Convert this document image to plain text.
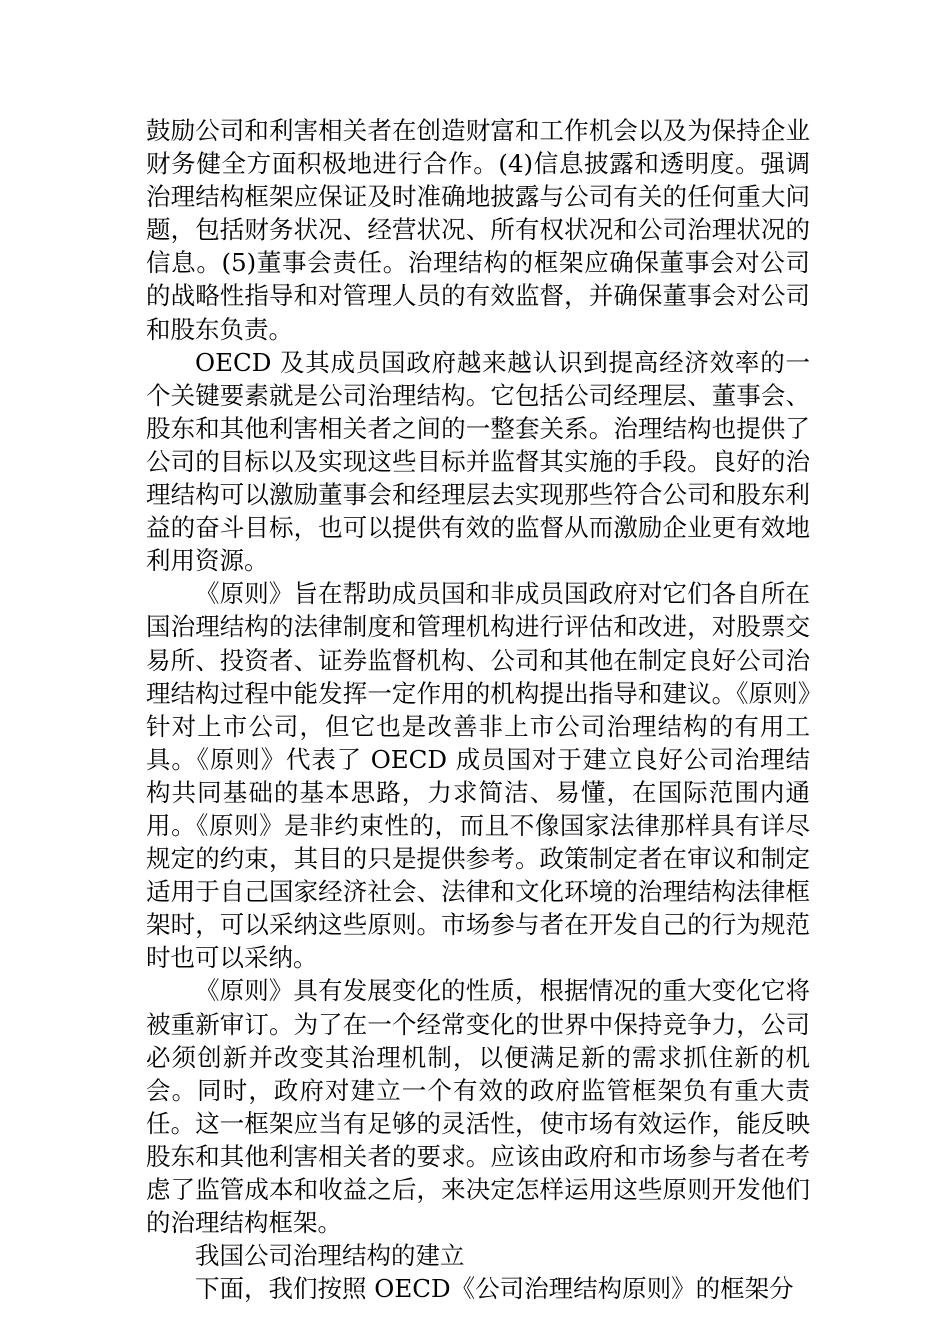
鼓励公司和利害相关者在创造财富和工作机会以及为保持企业财务健全方面积极地进行合作。(4)信息披露和透明度。强调治理结构框架应保证及时准确地披露与公司有关的任何重大问题，包括财务状况、经营状况、所有权状况和公司治理状况的信息。(5)董事会责任。治理结构的框架应确保董事会对公司的战略性指导和对管理人员的有效监督，并确保董事会对公司和股东负责。

OECD 及其成员国政府越来越认识到提高经济效率的一个关键要素就是公司治理结构。它包括公司经理层、董事会、股东和其他利害相关者之间的一整套关系。治理结构也提供了公司的目标以及实现这些目标并监督其实施的手段。良好的治理结构可以激励董事会和经理层去实现那些符合公司和股东利益的奋斗目标，也可以提供有效的监督从而激励企业更有效地利用资源。

《原则》旨在帮助成员国和非成员国政府对它们各自所在国治理结构的法律制度和管理机构进行评估和改进，对股票交易所、投资者、证券监督机构、公司和其他在制定良好公司治理结构过程中能发挥一定作用的机构提出指导和建议。《原则》针对上市公司，但它也是改善非上市公司治理结构的有用工具。《原则》代表了 OECD 成员国对于建立良好公司治理结构共同基础的基本思路，力求简洁、易懂，在国际范围内通用。《原则》是非约束性的，而且不像国家法律那样具有详尽规定的约束，其目的只是提供参考。政策制定者在审议和制定适用于自己国家经济社会、法律和文化环境的治理结构法律框架时，可以采纳这些原则。市场参与者在开发自己的行为规范时也可以采纳。

《原则》具有发展变化的性质，根据情况的重大变化它将被重新审订。为了在一个经常变化的世界中保持竞争力，公司必须创新并改变其治理机制，以便满足新的需求抓住新的机会。同时，政府对建立一个有效的政府监管框架负有重大责任。这一框架应当有足够的灵活性，使市场有效运作，能反映股东和其他利害相关者的要求。应该由政府和市场参与者在考虑了监管成本和收益之后，来决定怎样运用这些原则开发他们的治理结构框架。

我国公司治理结构的建立

下面，我们按照 OECD《公司治理结构原则》的框架分
